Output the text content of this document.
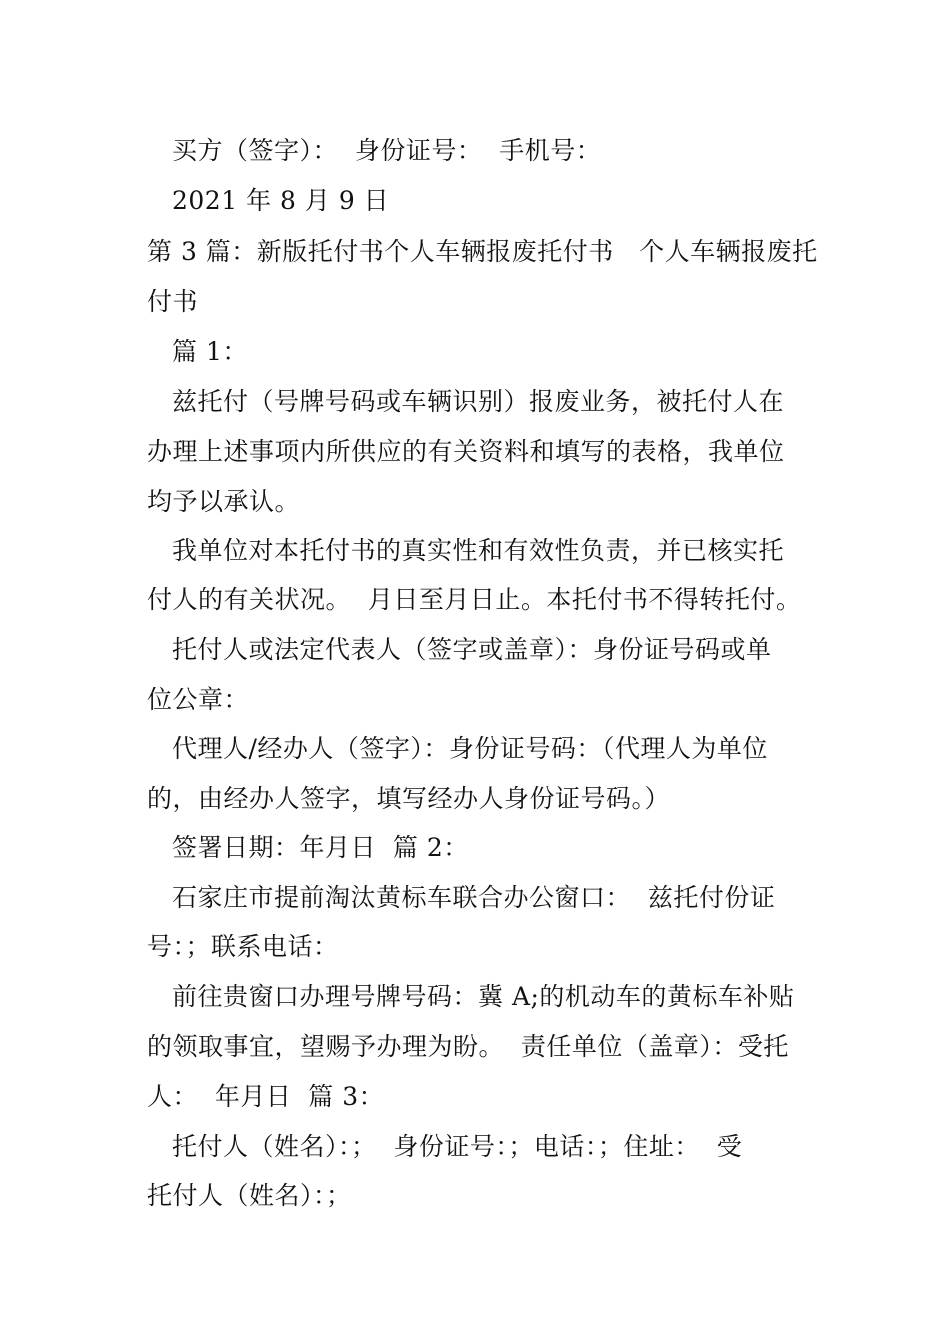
买方（签字）：  身份证号：  手机号：
2021 年 8 月 9 日
第 3 篇：新版托付书个人车辆报废托付书   个人车辆报废托
付书
篇 1：
兹托付（号牌号码或车辆识别）报废业务，被托付人在
办理上述事项内所供应的有关资料和填写的表格，我单位
均予以承认。
我单位对本托付书的真实性和有效性负责，并已核实托
付人的有关状况。  月日至月日止。本托付书不得转托付。
托付人或法定代表人（签字或盖章）：身份证号码或单
位公章：
代理人/经办人（签字）：身份证号码：（代理人为单位
的，由经办人签字，填写经办人身份证号码。）
签署日期：年月日  篇 2：
石家庄市提前淘汰黄标车联合办公窗口：  兹托付份证
号：；联系电话：
前往贵窗口办理号牌号码：冀 A;的机动车的黄标车补贴
的领取事宜，望赐予办理为盼。  责任单位（盖章）：受托
人：  年月日  篇 3：
托付人（姓名）：；  身份证号：；电话：；住址：  受
托付人（姓名）：；
